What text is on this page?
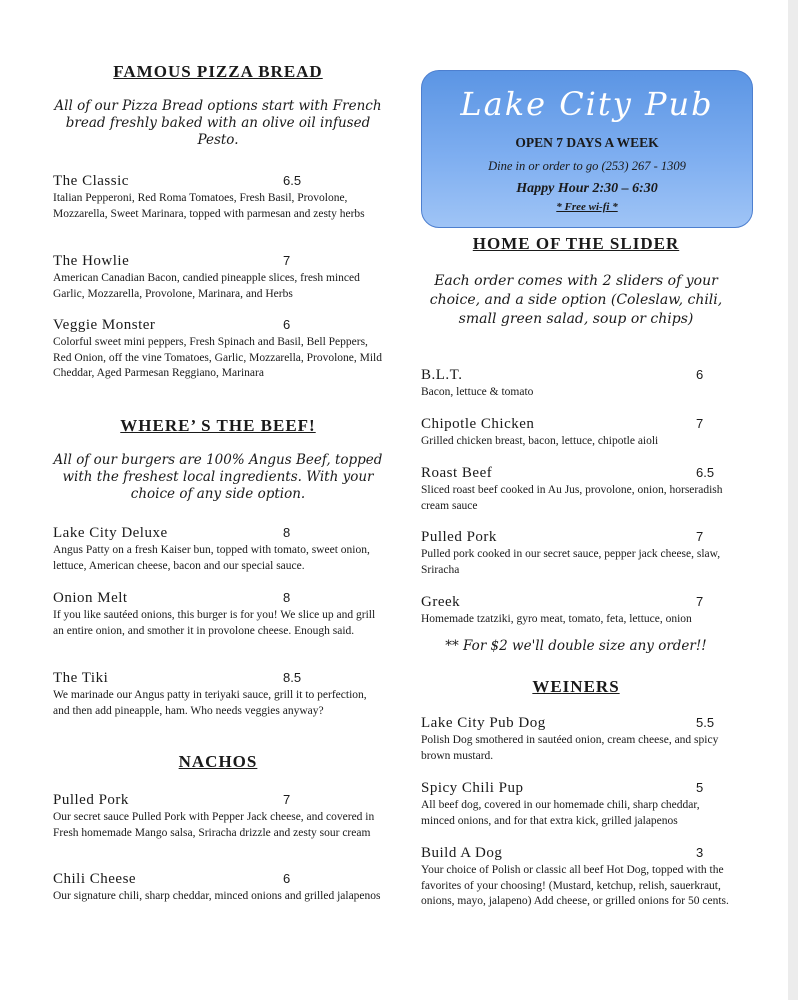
FAMOUS PIZZA BREAD
All of our Pizza Bread options start with French bread freshly baked with an olive oil infused Pesto.
The Classic	6.5
Italian Pepperoni, Red Roma Tomatoes, Fresh Basil, Provolone, Mozzarella, Sweet Marinara, topped with parmesan and zesty herbs
The Howlie	7
American Canadian Bacon, candied pineapple slices, fresh minced Garlic, Mozzarella, Provolone, Marinara, and Herbs
Veggie Monster	6
Colorful sweet mini peppers, Fresh Spinach and Basil, Bell Peppers, Red Onion, off the vine Tomatoes, Garlic, Mozzarella, Provolone, Mild Cheddar, Aged Parmesan Reggiano, Marinara
WHERE’ S THE BEEF!
All of our burgers are 100% Angus Beef, topped with the freshest local ingredients. With your choice of any side option.
Lake City Deluxe	8
Angus Patty on a fresh Kaiser bun, topped with tomato, sweet onion, lettuce, American cheese, bacon and our special sauce.
Onion Melt	8
If you like sautéed onions, this burger is for you! We slice up and grill an entire onion, and smother it in provolone cheese. Enough said.
The Tiki	8.5
We marinade our Angus patty in teriyaki sauce, grill it to perfection, and then add pineapple, ham. Who needs veggies anyway?
NACHOS
Pulled Pork	7
Our secret sauce Pulled Pork with Pepper Jack cheese, and covered in Fresh homemade Mango salsa, Sriracha drizzle and zesty sour cream
Chili Cheese	6
Our signature chili, sharp cheddar, minced onions and grilled jalapenos
Lake City Pub
OPEN 7 DAYS A WEEK
Dine in or order to go (253) 267 - 1309
Happy Hour 2:30 – 6:30
* Free wi-fi *
HOME OF THE SLIDER
Each order comes with 2 sliders of your choice, and a side option (Coleslaw, chili, small green salad, soup or chips)
B.L.T.	6
Bacon, lettuce & tomato
Chipotle Chicken	7
Grilled chicken breast, bacon, lettuce, chipotle aioli
Roast Beef	6.5
Sliced roast beef cooked in Au Jus, provolone, onion, horseradish cream sauce
Pulled Pork	7
Pulled pork cooked in our secret sauce, pepper jack cheese, slaw, Sriracha
Greek	7
Homemade tzatziki, gyro meat, tomato, feta, lettuce, onion
** For $2 we'll double size any order!!
WEINERS
Lake City Pub Dog	5.5
Polish Dog smothered in sautéed onion, cream cheese, and spicy brown mustard.
Spicy Chili Pup	5
All beef dog, covered in our homemade chili, sharp cheddar, minced onions, and for that extra kick, grilled jalapenos
Build A Dog	3
Your choice of Polish or classic all beef Hot Dog, topped with the favorites of your choosing! (Mustard, ketchup, relish, sauerkraut, onions, mayo, jalapeno) Add cheese, or grilled onions for 50 cents.
